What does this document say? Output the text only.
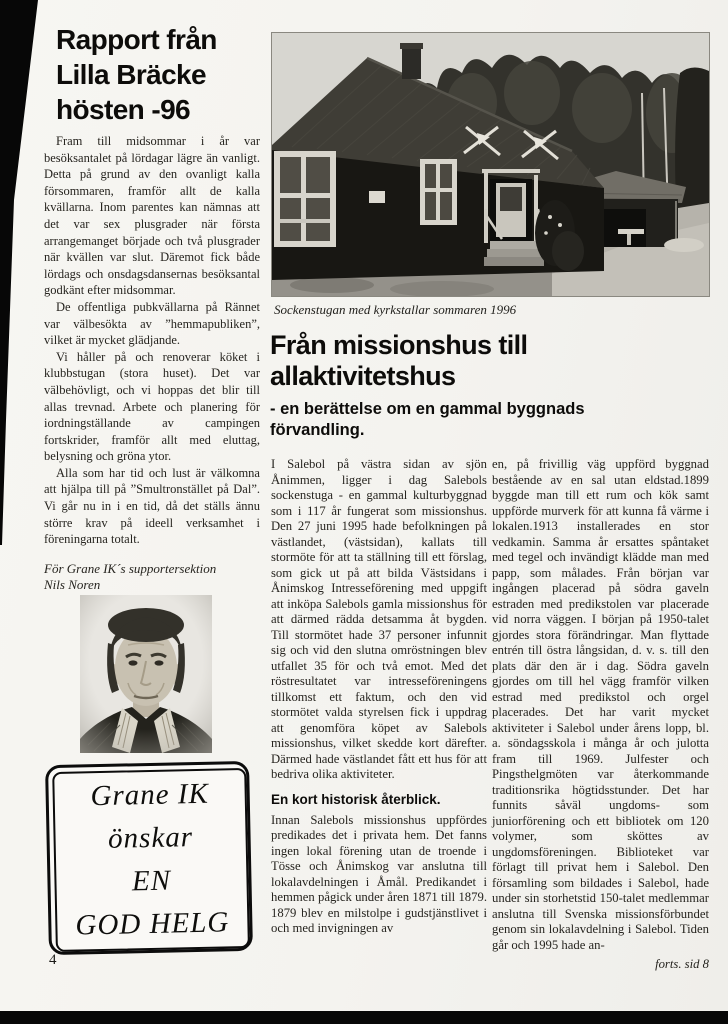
Rapport från
Lilla Bräcke
hösten -96

Fram till midsommar i år var besöksantalet på lördagar lägre än vanligt. Detta på grund av den ovanligt kalla försommaren, framför allt de kalla kvällarna. Inom parentes kan nämnas att det var sex plusgrader när första arrangemanget började och två plusgrader när kvällen var slut. Däremot fick både lördags och onsdagsdansernas besöksantal godkänt efter midsommar.

De offentliga pubkvällarna på Rännet var välbesökta av ”hemmapubliken”, vilket är mycket glädjande.

Vi håller på och renoverar köket i klubbstugan (stora huset). Det var välbehövligt, och vi hoppas det blir till allas trevnad. Arbete och planering för iordningställande av campingen fortskrider, framför allt med eluttag, belysning och gröna ytor.

Alla som har tid och lust är välkomna att hjälpa till på ”Smultronstället på Dal”. Vi går nu in i en tid, då det ställs ännu större krav på ideell verksamhet i föreningarna totalt.

För Grane IK´s supportersektion
Nils Noren
Grane IK
önskar
EN
GOD HELG
4
Sockenstugan med kyrkstallar sommaren 1996
Från missionshus till
allaktivitetshus
- en berättelse om en gammal byggnads förvandling.

I Salebol på västra sidan av sjön Ånimmen, ligger i dag Salebols sockenstuga - en gammal kulturbyggnad som i 117 år fungerat som missionshus. Den 27 juni 1995 hade befolkningen på västlandet, (västsidan), kallats till stormöte för att ta ställning till ett förslag, som gick ut på att bilda Västsidans i Ånimskog Intresseförening med uppgift att inköpa Salebols gamla missionshus för att därmed rädda detsamma åt bygden. Till stormötet hade 37 personer infunnit sig och vid den slutna omröstningen blev utfallet 35 för och två emot. Med det röstresultatet var intresseföreningens tillkomst ett faktum, och den vid stormötet valda styrelsen fick i uppdrag att genomföra köpet av Salebols missionshus, vilket skedde kort därefter. Därmed hade västlandet fått ett hus för att bedriva olika aktiviteter.

En kort historisk återblick.

Innan Salebols missionshus uppfördes predikades det i privata hem. Det fanns ingen lokal förening utan de troende i Tösse och Ånimskog var anslutna till lokalavdelningen i Åmål. Predikandet i hemmen pågick under åren 1871 till 1879. 1879 blev en milstolpe i gudstjänstlivet i och med invigningen av

en, på frivillig väg uppförd byggnad bestående av en sal utan eldstad.1899 byggde man till ett rum och kök samt uppförde murverk för att kunna få värme i lokalen.1913 installerades en stor vedkamin. Samma år ersattes spåntaket med tegel och invändigt klädde man med papp, som målades. Från början var ingången placerad på södra gaveln estraden med predikstolen var placerade vid norra väggen. I början på 1950-talet gjordes stora förändringar. Man flyttade entrén till östra långsidan, d. v. s. till den plats där den är i dag. Södra gaveln gjordes om till hel vägg framför vilken estrad med predikstol och orgel placerades. Det har varit mycket aktiviteter i Salebol under årens lopp, bl. a. söndagsskola i många år och julotta fram till 1969. Julfester och Pingsthelgmöten var återkommande traditionsrika högtidsstunder. Det har funnits såväl ungdoms- som juniorförening och ett bibliotek om 120 volymer, som sköttes av ungdomsföreningen. Biblioteket var förlagt till privat hem i Salebol. Den församling som bildades i Salebol, hade under sin storhetstid 150-talet medlemmar anslutna till Svenska missionsförbundet genom sin lokalavdelning i Salebol. Tiden går och 1995 hade an-

forts. sid 8
